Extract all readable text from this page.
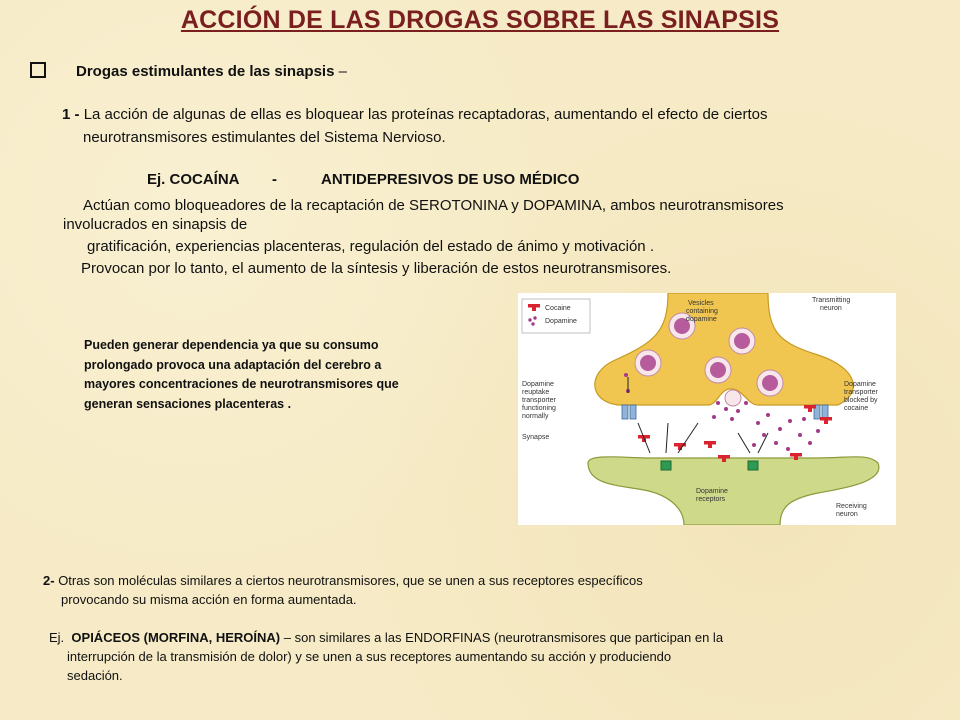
ACCIÓN DE LAS DROGAS SOBRE LAS SINAPSIS
Drogas estimulantes de las sinapsis –
1 - La acción de algunas de ellas es bloquear las proteínas recaptadoras, aumentando el efecto de ciertos
neurotransmisores estimulantes del Sistema Nervioso.
Ej. COCAÍNA -	ANTIDEPRESIVOS DE USO MÉDICO
Actúan como bloqueadores de la recaptación de SEROTONINA y DOPAMINA, ambos neurotransmisores
involucrados en sinapsis de
gratificación, experiencias placenteras, regulación del estado de ánimo y motivación .
Provocan por lo tanto, el aumento de la síntesis y liberación de estos neurotransmisores.
Pueden generar dependencia ya que su consumo
prolongado provoca una adaptación del cerebro a
mayores concentraciones de neurotransmisores que
generan sensaciones placenteras .
Cocaine
Dopamine
Vesicles
containing
dopamine
Transmitting
neuron
Dopamine
reuptake
transporter
functioning
normally
Dopamine
transporter
blocked by
cocaine
Synapse
Dopamine
receptors
Receiving
neuron
2- Otras son moléculas similares a ciertos neurotransmisores, que se unen a sus receptores específicos
provocando su misma acción en forma aumentada.
Ej. OPIÁCEOS (MORFINA, HEROÍNA) – son similares a las ENDORFINAS (neurotransmisores que participan en la
interrupción de la transmisión de dolor) y se unen a sus receptores aumentando su acción y produciendo
sedación.
